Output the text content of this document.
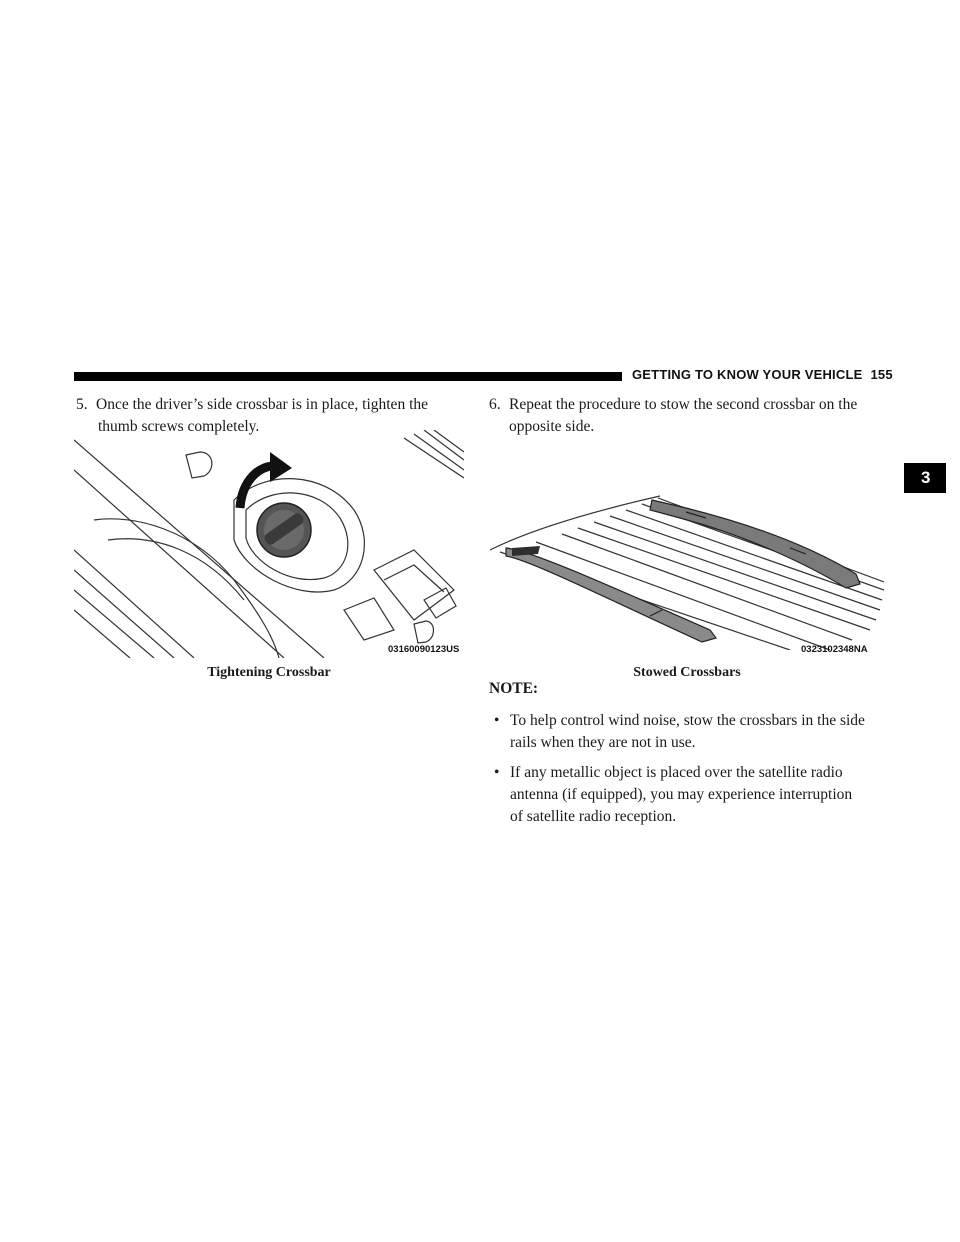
GETTING TO KNOW YOUR VEHICLE 155
3
5. Once the driver’s side crossbar is in place, tighten the
thumb screws completely.
6. Repeat the procedure to stow the second crossbar on the
opposite side.
03160090123US
Tightening Crossbar
0323102348NA
Stowed Crossbars
NOTE:
• To help control wind noise, stow the crossbars in the side
rails when they are not in use.
• If any metallic object is placed over the satellite radio
antenna (if equipped), you may experience interruption
of satellite radio reception.
